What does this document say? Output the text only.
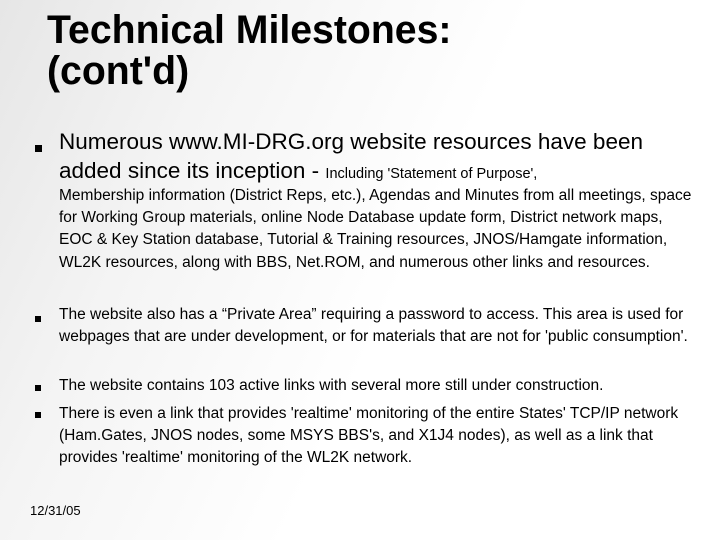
Technical Milestones:
(cont'd)

Numerous www.MI-DRG.org website resources have been added since its inception - Including 'Statement of Purpose',

Membership information (District Reps, etc.), Agendas and Minutes from all meetings, space for Working Group materials, online Node Database update form, District network maps, EOC & Key Station database, Tutorial & Training resources, JNOS/Hamgate information, WL2K resources, along with BBS, Net.ROM, and numerous other links and resources.

The website also has a “Private Area” requiring a password to access. This area is used for webpages that are under development, or for materials that are not for 'public consumption'.

The website contains 103 active links with several more still under construction.

There is even a link that provides 'realtime' monitoring of the entire States' TCP/IP network (Ham.Gates, JNOS nodes, some MSYS BBS's, and X1J4 nodes), as well as a link that provides 'realtime' monitoring of the WL2K network.

12/31/05
